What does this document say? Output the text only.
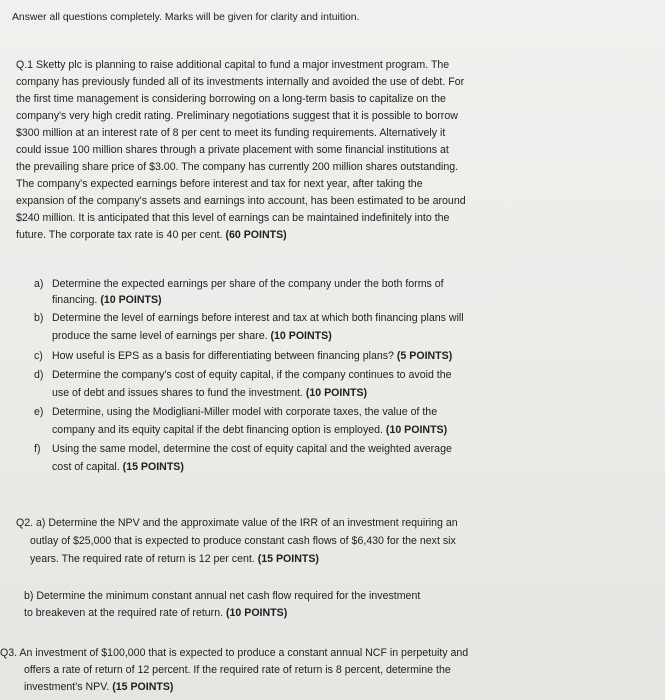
Answer all questions completely. Marks will be given for clarity and intuition.
Q.1 Sketty plc is planning to raise additional capital to fund a major investment program. The
company has previously funded all of its investments internally and avoided the use of debt. For
the first time management is considering borrowing on a long-term basis to capitalize on the
company's very high credit rating. Preliminary negotiations suggest that it is possible to borrow
$300 million at an interest rate of 8 per cent to meet its funding requirements. Alternatively it
could issue 100 million shares through a private placement with some financial institutions at
the prevailing share price of $3.00. The company has currently 200 million shares outstanding.
The company's expected earnings before interest and tax for next year, after taking the
expansion of the company's assets and earnings into account, has been estimated to be around
$240 million. It is anticipated that this level of earnings can be maintained indefinitely into the
future. The corporate tax rate is 40 per cent. (60 POINTS)
a) Determine the expected earnings per share of the company under the both forms of
financing. (10 POINTS)
b) Determine the level of earnings before interest and tax at which both financing plans will
produce the same level of earnings per share. (10 POINTS)
c) How useful is EPS as a basis for differentiating between financing plans? (5 POINTS)
d) Determine the company's cost of equity capital, if the company continues to avoid the
use of debt and issues shares to fund the investment. (10 POINTS)
e) Determine, using the Modigliani-Miller model with corporate taxes, the value of the
company and its equity capital if the debt financing option is employed. (10 POINTS)
f) Using the same model, determine the cost of equity capital and the weighted average
cost of capital. (15 POINTS)
Q2. a) Determine the NPV and the approximate value of the IRR of an investment requiring an
outlay of $25,000 that is expected to produce constant cash flows of $6,430 for the next six
years. The required rate of return is 12 per cent. (15 POINTS)
b) Determine the minimum constant annual net cash flow required for the investment
to breakeven at the required rate of return. (10 POINTS)
Q3. An investment of $100,000 that is expected to produce a constant annual NCF in perpetuity and
offers a rate of return of 12 percent. If the required rate of return is 8 percent, determine the
investment's NPV. (15 POINTS)
